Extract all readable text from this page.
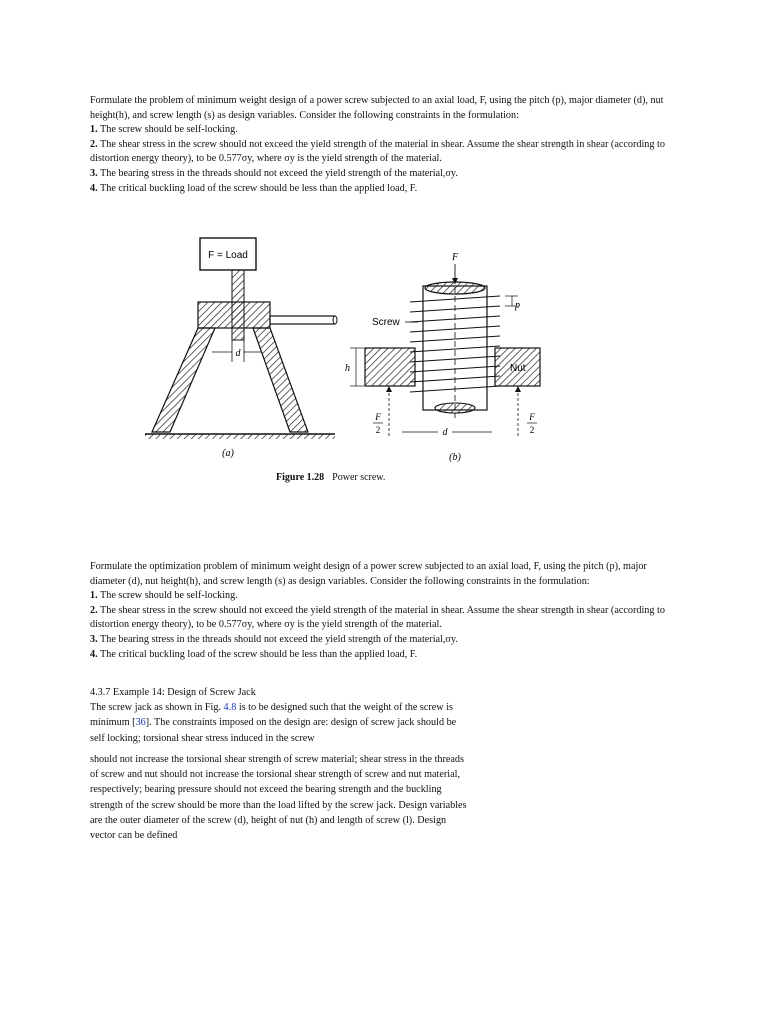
Formulate the problem of minimum weight design of a power screw subjected to an axial load, F, using the pitch (p), major diameter (d), nut height(h), and screw length (s) as design variables. Consider the following constraints in the formulation:

1. The screw should be self-locking.

2. The shear stress in the screw should not exceed the yield strength of the material in shear. Assume the shear strength in shear (according to distortion energy theory), to be 0.577σy, where σy is the yield strength of the material.

3. The bearing stress in the threads should not exceed the yield strength of the material,σy.

4. The critical buckling load of the screw should be less than the applied load, F.

F = Load
d
(a)
F
Screw
Nut
p
h
F
2
F
2
d
(b)
Figure 1.28 Power screw.

Formulate the optimization problem of minimum weight design of a power screw subjected to an axial load, F, using the pitch (p), major diameter (d), nut height(h), and screw length (s) as design variables. Consider the following constraints in the formulation:

1. The screw should be self-locking.

2. The shear stress in the screw should not exceed the yield strength of the material in shear. Assume the shear strength in shear (according to distortion energy theory), to be 0.577σy, where σy is the yield strength of the material.

3. The bearing stress in the threads should not exceed the yield strength of the material,σy.

4. The critical buckling load of the screw should be less than the applied load, F.

4.3.7 Example 14: Design of Screw Jack

The screw jack as shown in Fig. 4.8 is to be designed such that the weight of the screw is minimum [36]. The constraints imposed on the design are: design of screw jack should be self locking; torsional shear stress induced in the screw

should not increase the torsional shear strength of screw material; shear stress in the threads of screw and nut should not increase the torsional shear strength of screw and nut material, respectively; bearing pressure should not exceed the bearing strength and the buckling strength of the screw should be more than the load lifted by the screw jack. Design variables are the outer diameter of the screw (d), height of nut (h) and length of screw (l). Design vector can be defined
